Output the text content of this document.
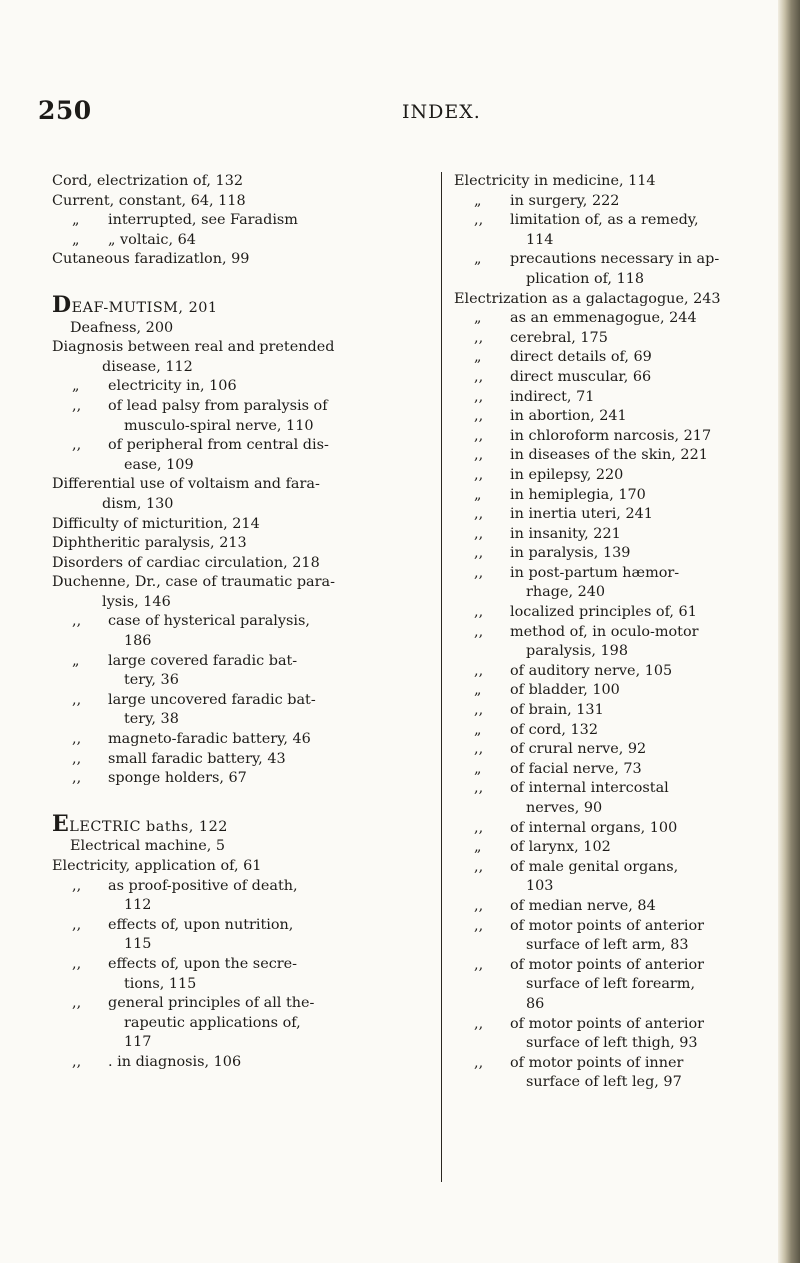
250	INDEX.
Cord, electrization of, 132
Current, constant, 64, 118
„ interrupted, see Faradism
„ „ voltaic, 64
Cutaneous faradizatlon, 99
DEAF-MUTISM, 201
Deafness, 200
Diagnosis between real and pretended
disease, 112
„ electricity in, 106
,, of lead palsy from paralysis of
musculo-spiral nerve, 110
,, of peripheral from central dis-
ease, 109
Differential use of voltaism and fara-
dism, 130
Difficulty of micturition, 214
Diphtheritic paralysis, 213
Disorders of cardiac circulation, 218
Duchenne, Dr., case of traumatic para-
lysis, 146
,, case of hysterical paralysis,
186
„ large covered faradic bat-
tery, 36
,, large uncovered faradic bat-
tery, 38
,, magneto-faradic battery, 46
,, small faradic battery, 43
,, sponge holders, 67
ELECTRIC baths, 122
Electrical machine, 5
Electricity, application of, 61
,, as proof-positive of death,
112
,, effects of, upon nutrition,
115
,, effects of, upon the secre-
tions, 115
,, general principles of all the-
rapeutic applications of,
117
,, . in diagnosis, 106
Electricity in medicine, 114
„ in surgery, 222
,, limitation of, as a remedy,
114
„ precautions necessary in ap-
plication of, 118
Electrization as a galactagogue, 243
„ as an emmenagogue, 244
,, cerebral, 175
„ direct details of, 69
,, direct muscular, 66
,, indirect, 71
,, in abortion, 241
,, in chloroform narcosis, 217
,, in diseases of the skin, 221
,, in epilepsy, 220
„ in hemiplegia, 170
,, in inertia uteri, 241
,, in insanity, 221
,, in paralysis, 139
,, in post-partum hæmor-
rhage, 240
,, localized principles of, 61
,, method of, in oculo-motor
paralysis, 198
,, of auditory nerve, 105
„ of bladder, 100
,, of brain, 131
„ of cord, 132
,, of crural nerve, 92
„ of facial nerve, 73
,, of internal intercostal
nerves, 90
,, of internal organs, 100
„ of larynx, 102
,, of male genital organs,
103
,, of median nerve, 84
,, of motor points of anterior
surface of left arm, 83
,, of motor points of anterior
surface of left forearm,
86
,, of motor points of anterior
surface of left thigh, 93
,, of motor points of inner
surface of left leg, 97
